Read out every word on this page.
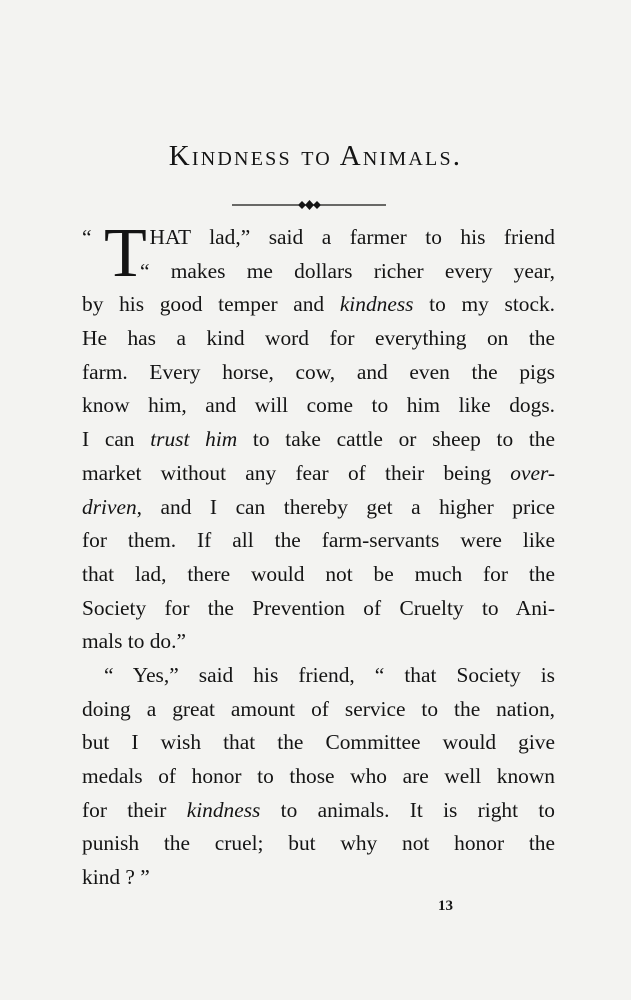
Kindness to Animals.
“	HAT lad,” said a farmer to his friend
T
“ makes me dollars richer every year,
by his good temper and kindness to my stock.
He has a kind word for everything on the
farm. Every horse, cow, and even the pigs
know him, and will come to him like dogs.
I can trust him to take cattle or sheep to the
market without any fear of their being over-
driven, and I can thereby get a higher price
for them. If all the farm-servants were like
that lad, there would not be much for the
Society for the Prevention of Cruelty to Ani-
mals to do.”
“ Yes,” said his friend, “ that Society is
doing a great amount of service to the nation,
but I wish that the Committee would give
medals of honor to those who are well known
for their kindness to animals. It is right to
punish the cruel; but why not honor the
kind ? ”
13
